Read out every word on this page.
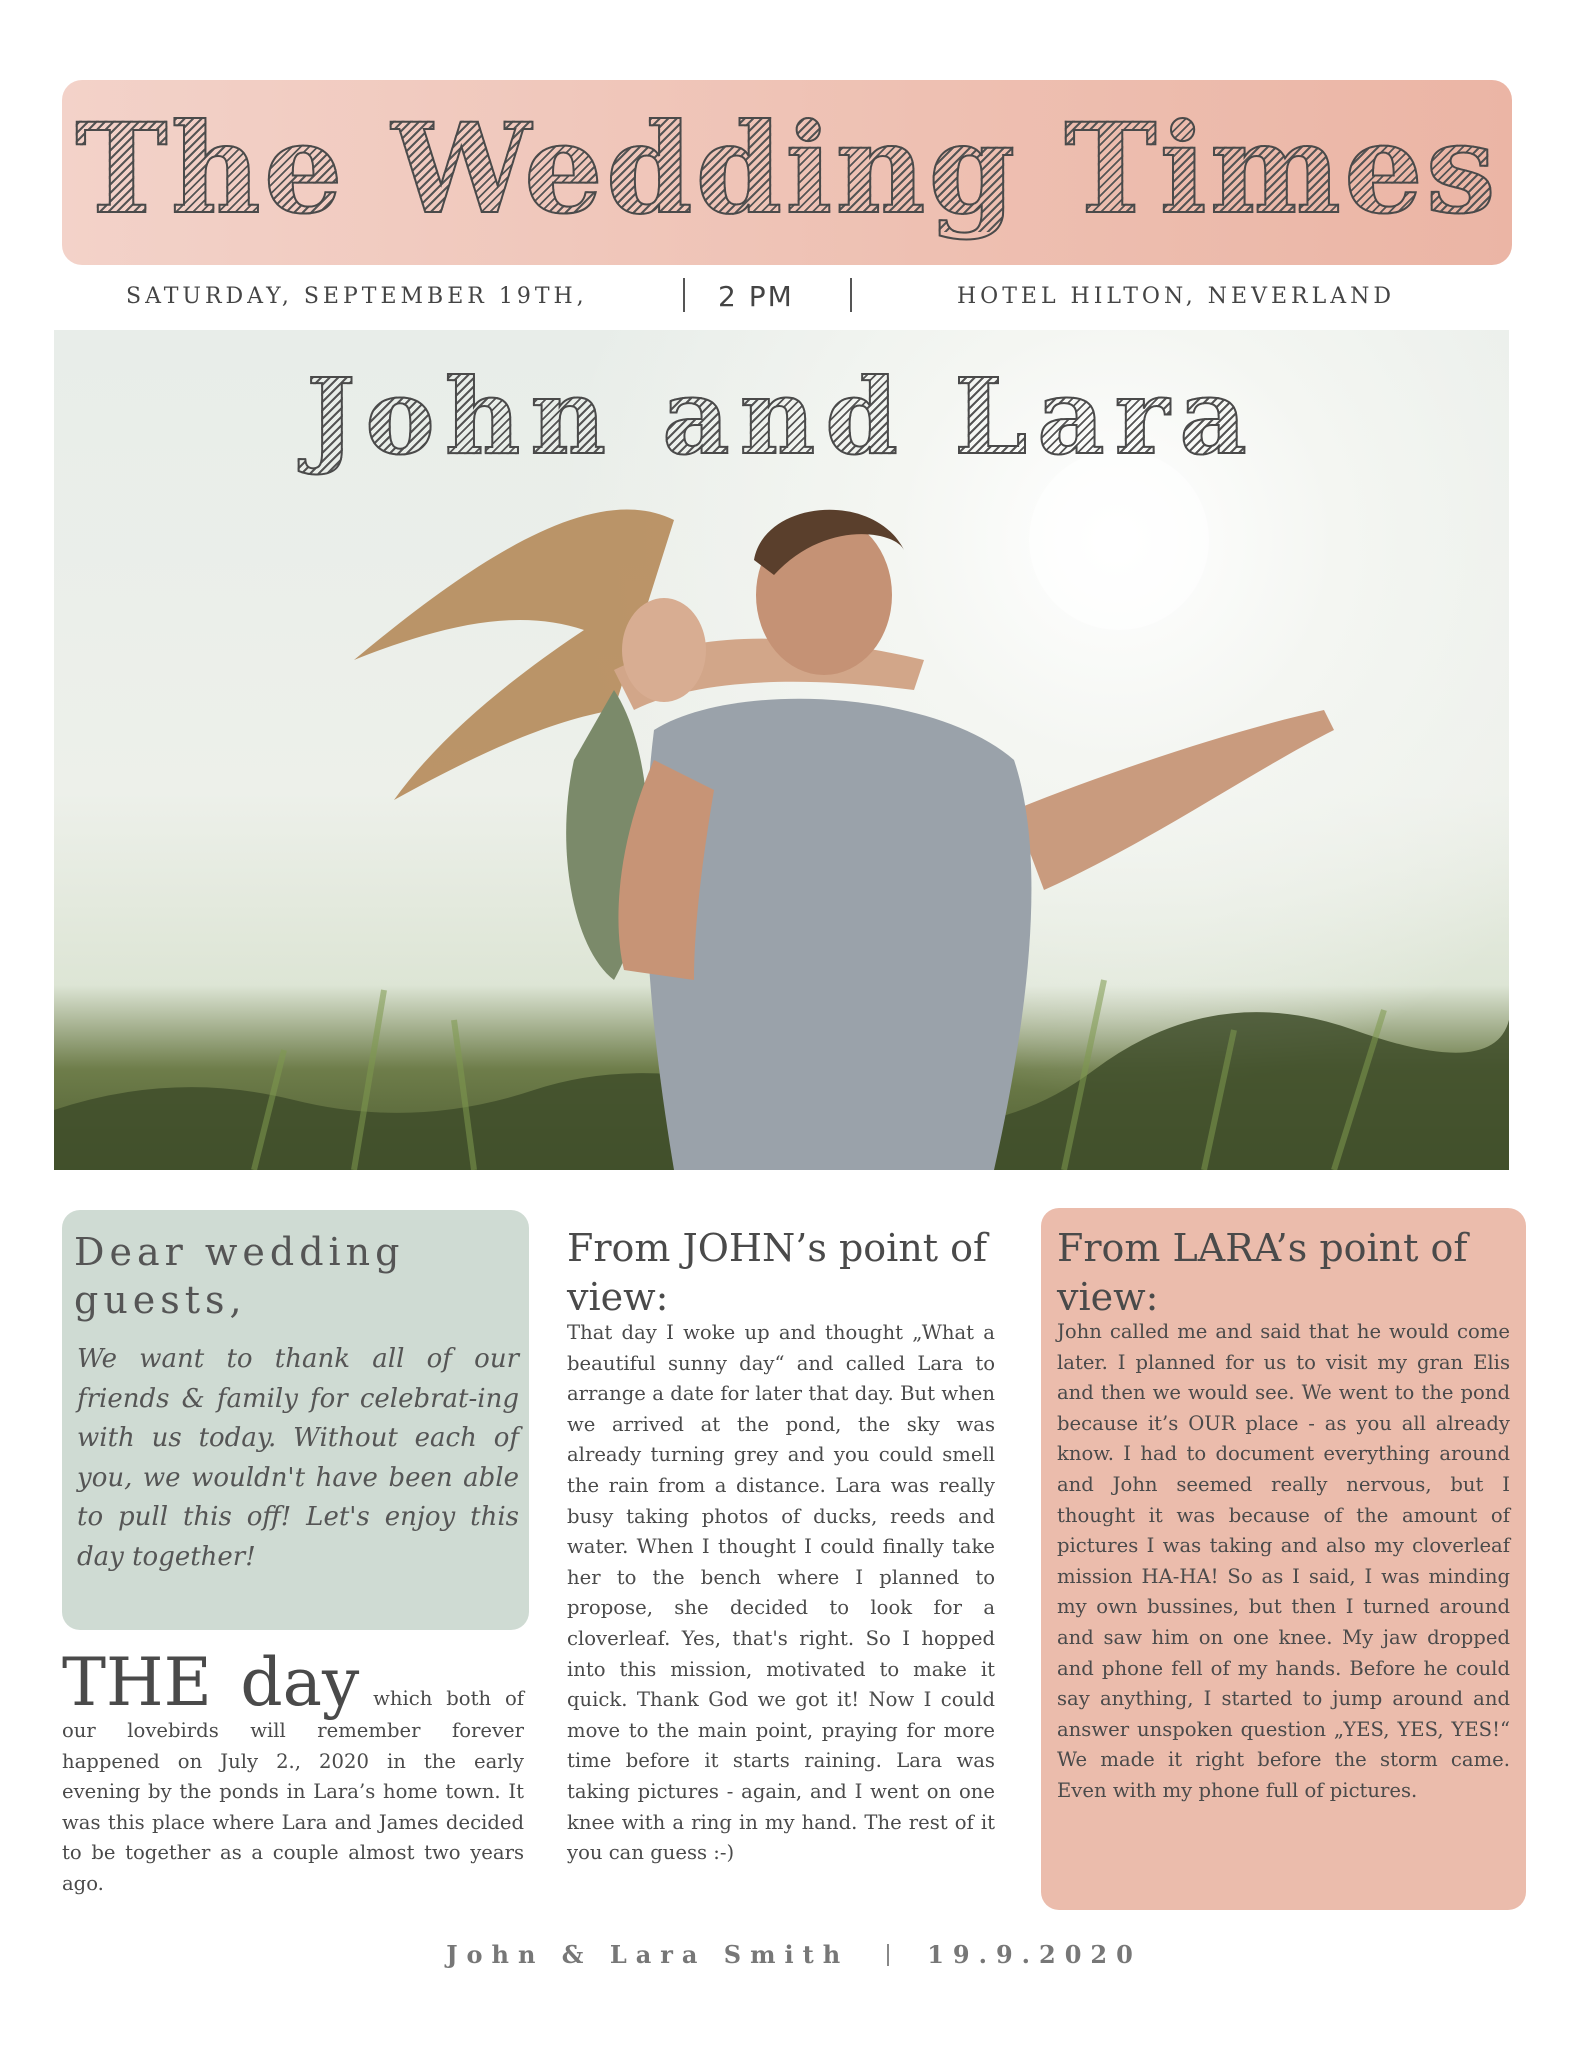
The Wedding Times
SATURDAY, SEPTEMBER 19TH,	2 PM	HOTEL HILTON, NEVERLAND
John and Lara
Dear wedding guests,
We want to thank all of our friends & family for celebrat-ing with us today. Without each of you, we wouldn't have been able to pull this off! Let's enjoy this day together!
THE day which both of our lovebirds will remember forever happened on July 2., 2020 in the early evening by the ponds in Lara’s home town. It was this place where Lara and James decided to be together as a couple almost two years ago.
From JOHN’s point of view:
That day I woke up and thought „What a beautiful sunny day“ and called Lara to arrange a date for later that day. But when we arrived at the pond, the sky was already turning grey and you could smell the rain from a distance. Lara was really busy taking photos of ducks, reeds and water. When I thought I could finally take her to the bench where I planned to propose, she decided to look for a cloverleaf. Yes, that's right. So I hopped into this mission, motivated to make it quick. Thank God we got it! Now I could move to the main point, praying for more time before it starts raining. Lara was taking pictures - again, and I went on one knee with a ring in my hand. The rest of it you can guess :-)
From LARA’s point of view:
John called me and said that he would come later. I planned for us to visit my gran Elis and then we would see. We went to the pond because it’s OUR place - as you all already know. I had to document everything around and John seemed really nervous, but I thought it was because of the amount of pictures I was taking and also my cloverleaf mission HA-HA! So as I said, I was minding my own bussines, but then I turned around and saw him on one knee. My jaw dropped and phone fell of my hands. Before he could say anything, I started to jump around and answer unspoken question „YES, YES, YES!“ We made it right before the storm came. Even with my phone full of pictures.
John & Lara Smith	19.9.2020
